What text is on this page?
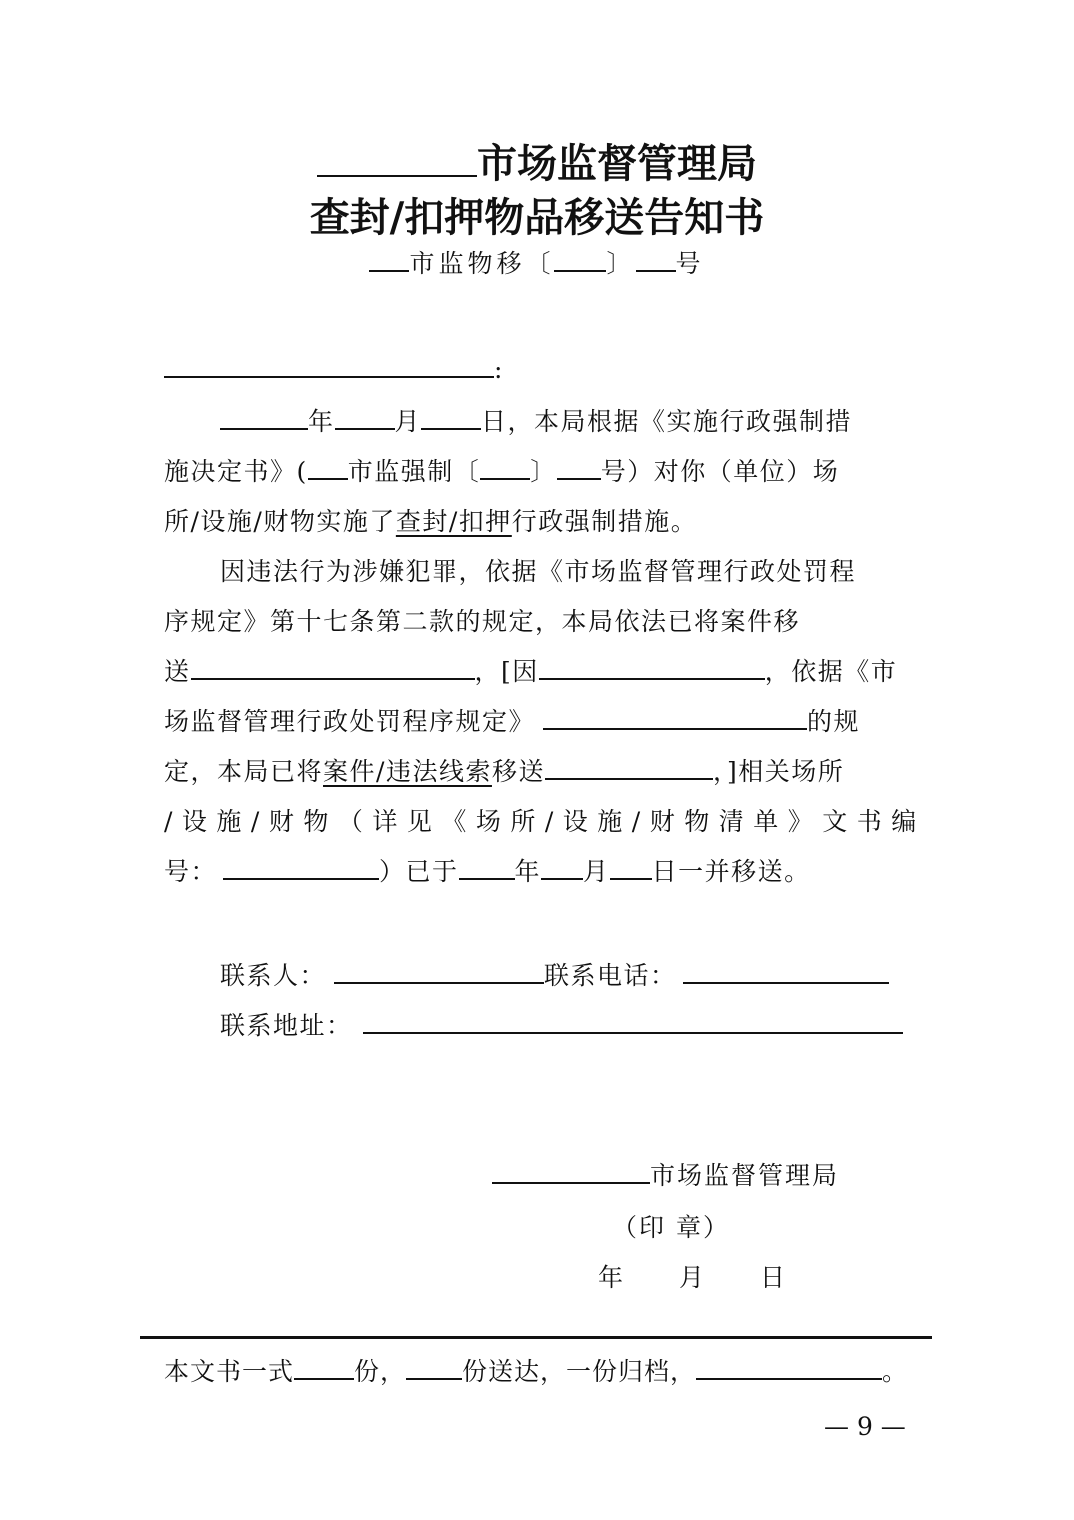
市场监督管理局
查封/扣押物品移送告知书
市监物移〔 〕 号
:
年 月 日，本局根据《实施行政强制措
施决定书》( 市监强制〔 〕 号）对你（单位）场
所/设施/财物实施了查封/扣押行政强制措施。
因违法行为涉嫌犯罪，依据《市场监督管理行政处罚程
序规定》第十七条第二款的规定，本局依法已将案件移
送	，[因	，依据《市
场监督管理行政处罚程序规定》	的规
定，本局已将案件/违法线索移送	，]相关场所
/设施/财物（详见《场所/设施/财物清单》文书编
号：	）已于 年 月 日一并移送。
联系人：	联系电话：
联系地址：
市场监督管理局
（印 章）
年　　月　　日
本文书一式 份， 份送达，一份归档，	。
— 9 —
